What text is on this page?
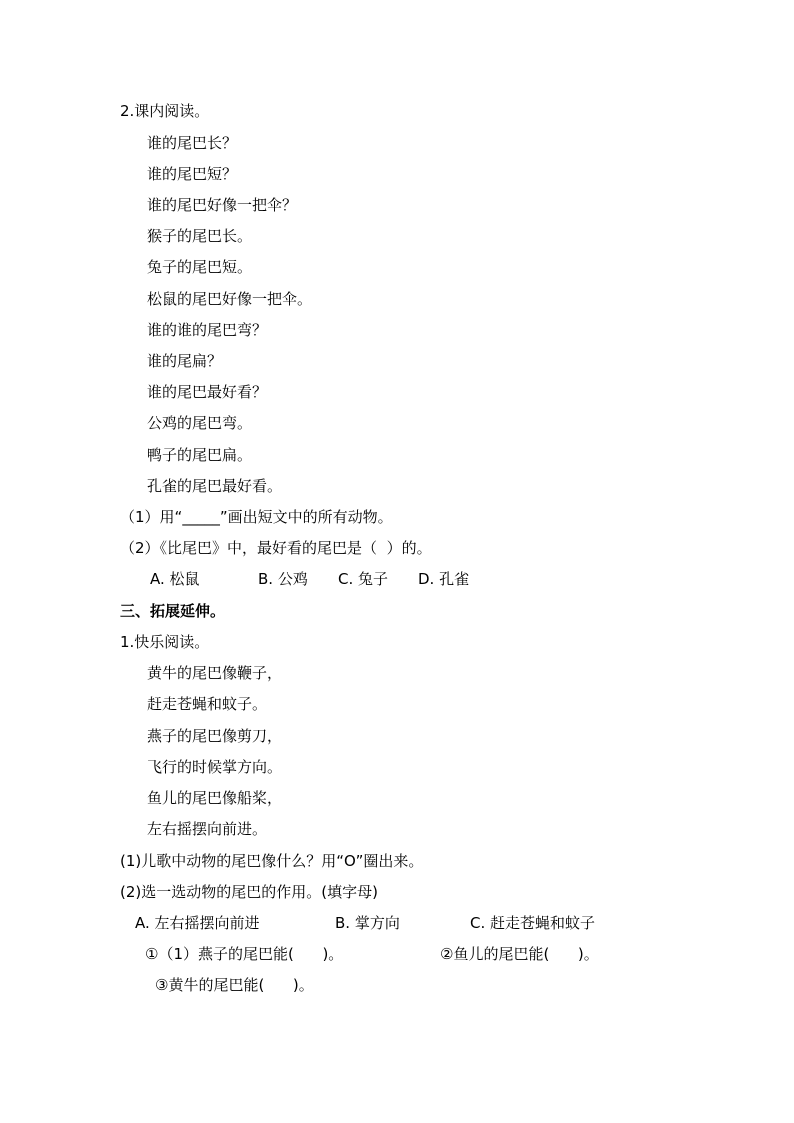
2.课内阅读。
谁的尾巴长？
谁的尾巴短？
谁的尾巴好像一把伞？
猴子的尾巴长。
兔子的尾巴短。
松鼠的尾巴好像一把伞。
谁的谁的尾巴弯？
谁的尾扁？
谁的尾巴最好看？
公鸡的尾巴弯。
鸭子的尾巴扁。
孔雀的尾巴最好看。
（1）用“_____”画出短文中的所有动物。
（2）《比尾巴》中，最好看的尾巴是（  ）的。
A. 松鼠	B. 公鸡 C. 兔子 D. 孔雀
三、拓展延伸。
1.快乐阅读。
黄牛的尾巴像鞭子，
赶走苍蝇和蚊子。
燕子的尾巴像剪刀，
飞行的时候掌方向。
鱼儿的尾巴像船桨，
左右摇摆向前进。
(1)儿歌中动物的尾巴像什么？用“O”圈出来。
(2)选一选动物的尾巴的作用。(填字母)
A. 左右摇摆向前进	B. 掌方向	C. 赶走苍蝇和蚊子
①（1）燕子的尾巴能(      )。	②鱼儿的尾巴能(      )。
③黄牛的尾巴能(      )。
